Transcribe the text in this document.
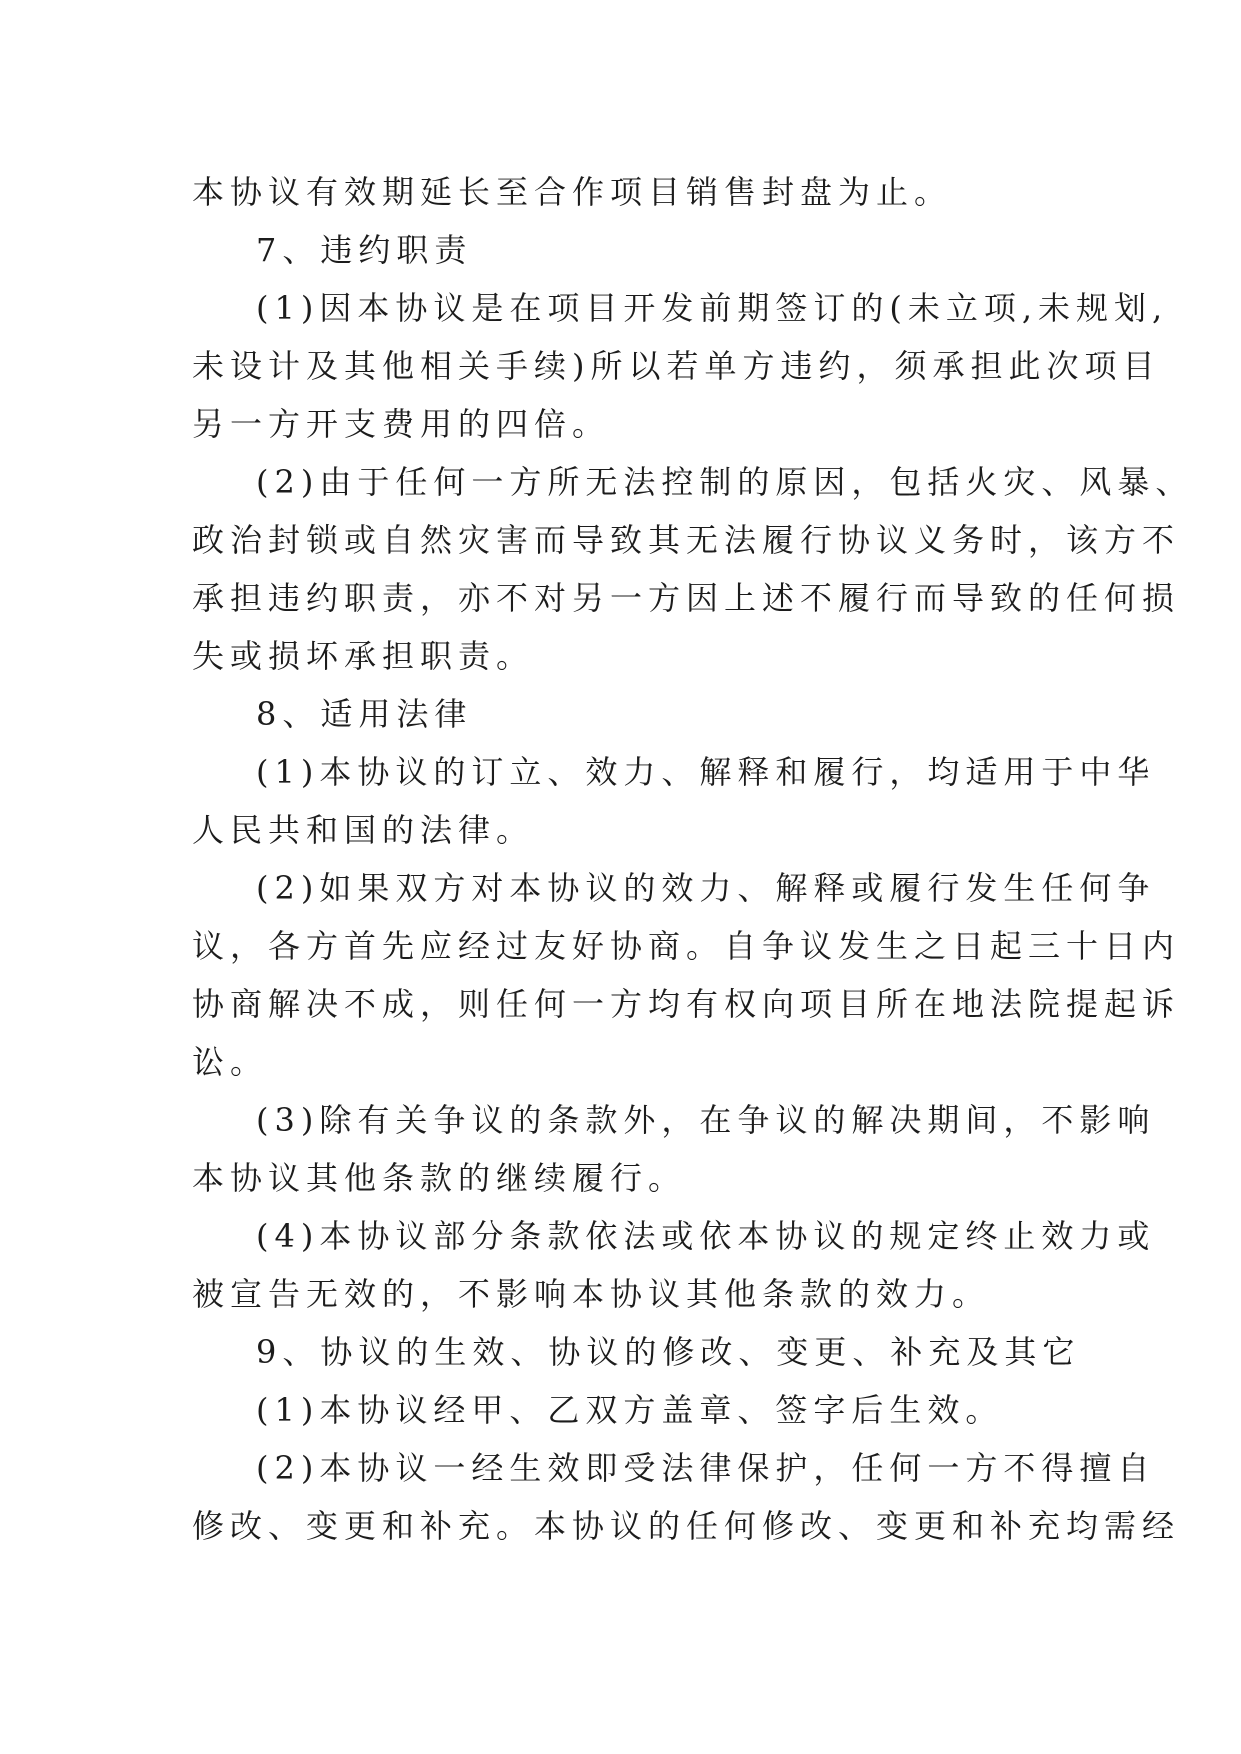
本协议有效期延长至合作项目销售封盘为止。
7、违约职责
(1)因本协议是在项目开发前期签订的(未立项,未规划,
未设计及其他相关手续)所以若单方违约，须承担此次项目
另一方开支费用的四倍。
(2)由于任何一方所无法控制的原因，包括火灾、风暴、
政治封锁或自然灾害而导致其无法履行协议义务时，该方不
承担违约职责，亦不对另一方因上述不履行而导致的任何损
失或损坏承担职责。
8、适用法律
(1)本协议的订立、效力、解释和履行，均适用于中华
人民共和国的法律。
(2)如果双方对本协议的效力、解释或履行发生任何争
议，各方首先应经过友好协商。自争议发生之日起三十日内
协商解决不成，则任何一方均有权向项目所在地法院提起诉
讼。
(3)除有关争议的条款外，在争议的解决期间，不影响
本协议其他条款的继续履行。
(4)本协议部分条款依法或依本协议的规定终止效力或
被宣告无效的，不影响本协议其他条款的效力。
9、协议的生效、协议的修改、变更、补充及其它
(1)本协议经甲、乙双方盖章、签字后生效。
(2)本协议一经生效即受法律保护，任何一方不得擅自
修改、变更和补充。本协议的任何修改、变更和补充均需经
